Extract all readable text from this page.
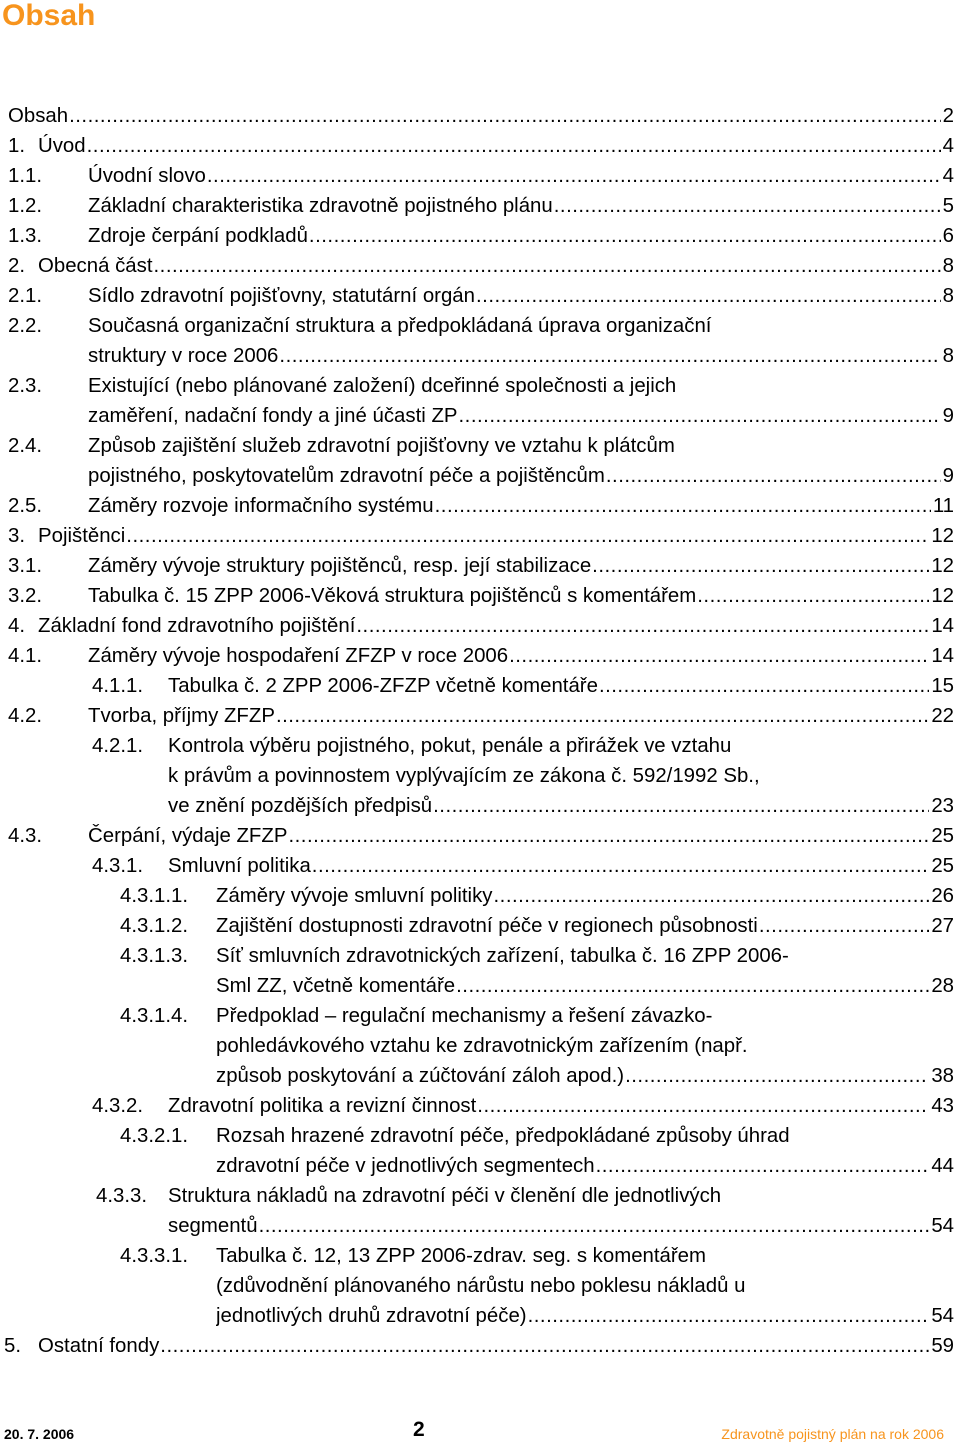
Obsah
Obsah .....	2
1. Úvod .....	4
1.1. Úvodní slovo .....	4
1.2. Základní charakteristika zdravotně pojistného plánu .....	5
1.3. Zdroje čerpání podkladů .....	6
2. Obecná část .....	8
2.1. Sídlo zdravotní pojišťovny, statutární orgán .....	8
2.2. Současná organizační struktura a předpokládaná úprava organizační
struktury v roce 2006 .....	8
2.3. Existující (nebo plánované založení) dceřinné společnosti a jejich
zaměření, nadační fondy a jiné účasti ZP .....	9
2.4. Způsob zajištění služeb zdravotní pojišťovny ve vztahu k plátcům
pojistného, poskytovatelům zdravotní péče a pojištěncům .....	9
2.5. Záměry rozvoje informačního systému .....	11
3. Pojištěnci .....	12
3.1. Záměry vývoje struktury pojištěnců, resp. její stabilizace .....	12
3.2. Tabulka č. 15 ZPP 2006-Věková struktura pojištěnců s komentářem .....	12
4. Základní fond zdravotního pojištění .....	14
4.1. Záměry vývoje hospodaření ZFZP v roce 2006 .....	14
4.1.1. Tabulka č. 2 ZPP 2006-ZFZP včetně komentáře .....	15
4.2. Tvorba, příjmy ZFZP .....	22
4.2.1. Kontrola výběru pojistného, pokut, penále a přirážek ve vztahu
k právům a povinnostem vyplývajícím ze zákona č. 592/1992 Sb.,
ve znění pozdějších předpisů .....	23
4.3. Čerpání, výdaje ZFZP .....	25
4.3.1. Smluvní politika .....	25
4.3.1.1. Záměry vývoje smluvní politiky .....	26
4.3.1.2. Zajištění dostupnosti zdravotní péče v regionech působnosti .....	27
4.3.1.3. Síť smluvních zdravotnických zařízení, tabulka č. 16 ZPP 2006-
Sml ZZ, včetně komentáře .....	28
4.3.1.4. Předpoklad – regulační mechanismy a řešení závazko-
pohledávkového vztahu ke zdravotnickým zařízením (např.
způsob poskytování a zúčtování záloh apod.) .....	38
4.3.2. Zdravotní politika a revizní činnost .....	43
4.3.2.1. Rozsah hrazené zdravotní péče, předpokládané způsoby úhrad
zdravotní péče v jednotlivých segmentech .....	44
4.3.3. Struktura nákladů na zdravotní péči v členění dle jednotlivých
segmentů .....	54
4.3.3.1. Tabulka č. 12, 13 ZPP 2006-zdrav. seg. s komentářem
(zdůvodnění plánovaného nárůstu nebo poklesu nákladů u
jednotlivých druhů zdravotní péče) .....	54
5. Ostatní fondy .....	59
20. 7. 2006	2	Zdravotně pojistný plán na rok 2006
